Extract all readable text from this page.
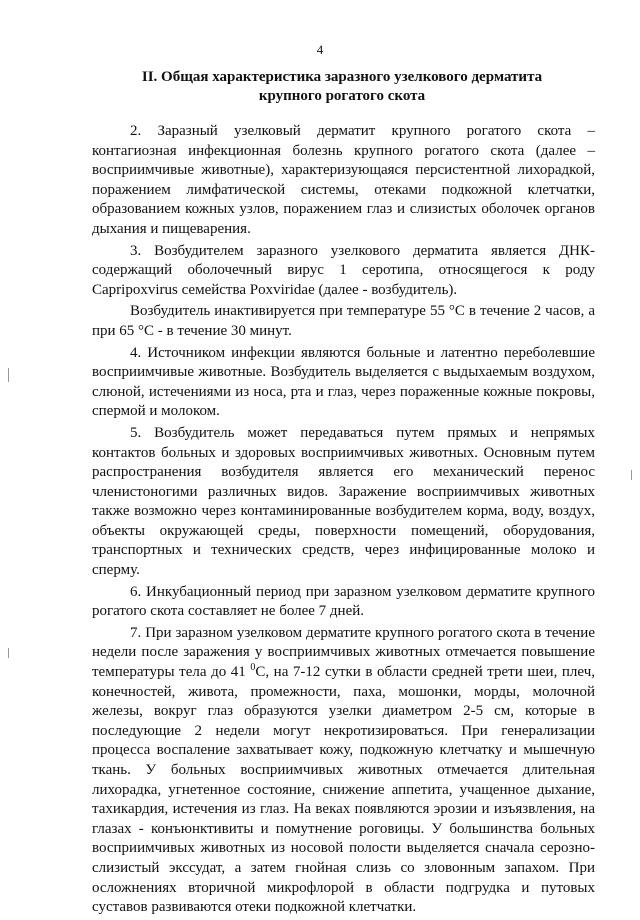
4
II. Общая характеристика заразного узелкового дерматита
крупного рогатого скота

2. Заразный узелковый дерматит крупного рогатого скота – контагиозная инфекционная болезнь крупного рогатого скота (далее – восприимчивые животные), характеризующаяся персистентной лихорадкой, поражением лимфатической системы, отеками подкожной клетчатки, образованием кожных узлов, поражением глаз и слизистых оболочек органов дыхания и пищеварения.

3. Возбудителем заразного узелкового дерматита является ДНК-содержащий оболочечный вирус 1 серотипа, относящегося к роду Capripoxvirus семейства Poxviridae (далее - возбудитель).

Возбудитель инактивируется при температуре 55 °С в течение 2 часов, а при 65 °С - в течение 30 минут.

4. Источником инфекции являются больные и латентно переболевшие восприимчивые животные. Возбудитель выделяется с выдыхаемым воздухом, слюной, истечениями из носа, рта и глаз, через пораженные кожные покровы, спермой и молоком.

5. Возбудитель может передаваться путем прямых и непрямых контактов больных и здоровых восприимчивых животных. Основным путем распространения возбудителя является его механический перенос членистоногими различных видов. Заражение восприимчивых животных также возможно через контаминированные возбудителем корма, воду, воздух, объекты окружающей среды, поверхности помещений, оборудования, транспортных и технических средств, через инфицированные молоко и сперму.

6. Инкубационный период при заразном узелковом дерматите крупного рогатого скота составляет не более 7 дней.

7. При заразном узелковом дерматите крупного рогатого скота в течение недели после заражения у восприимчивых животных отмечается повышение температуры тела до 41 $^0$С, на 7-12 сутки в области средней трети шеи, плеч, конечностей, живота, промежности, паха, мошонки, морды, молочной железы, вокруг глаз образуются узелки диаметром 2-5 см, которые в последующие 2 недели могут некротизироваться. При генерализации процесса воспаление захватывает кожу, подкожную клетчатку и мышечную ткань. У больных восприимчивых животных отмечается длительная лихорадка, угнетенное состояние, снижение аппетита, учащенное дыхание, тахикардия, истечения из глаз. На веках появляются эрозии и изъязвления, на глазах - конъюнктивиты и помутнение роговицы. У большинства больных восприимчивых животных из носовой полости выделяется сначала серозно-слизистый экссудат, а затем гнойная слизь со зловонным запахом. При осложнениях вторичной микрофлорой в области подгрудка и путовых суставов развиваются отеки подкожной клетчатки.
